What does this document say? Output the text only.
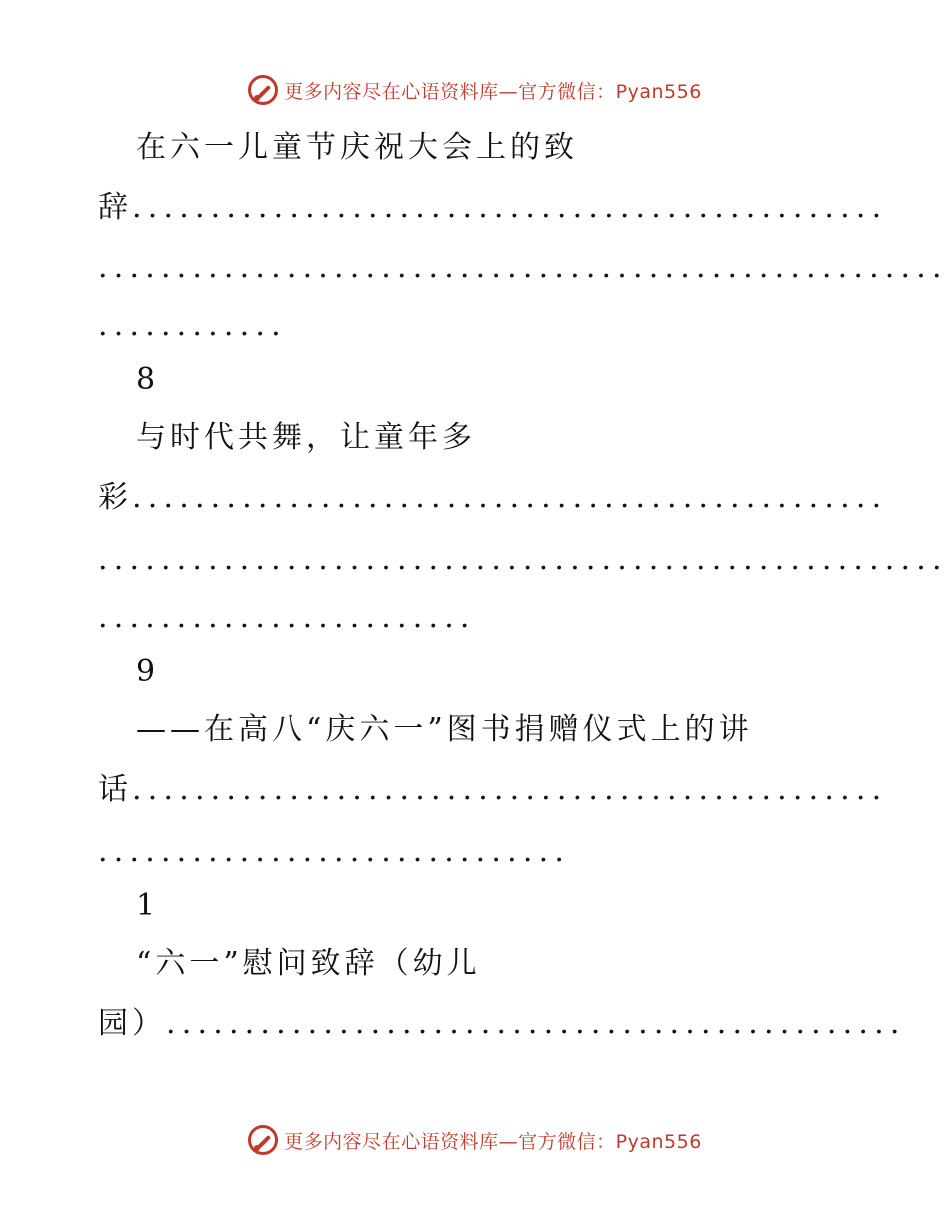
更多内容尽在心语资料库—官方微信：Pyan556
在六一儿童节庆祝大会上的致
辞................................................
......................................................
............
8
与时代共舞，让童年多
彩................................................
......................................................
........................
9
——在高八“庆六一”图书捐赠仪式上的讲
话................................................
..............................
1
“六一”慰问致辞（幼儿
园）...............................................
更多内容尽在心语资料库—官方微信：Pyan556
